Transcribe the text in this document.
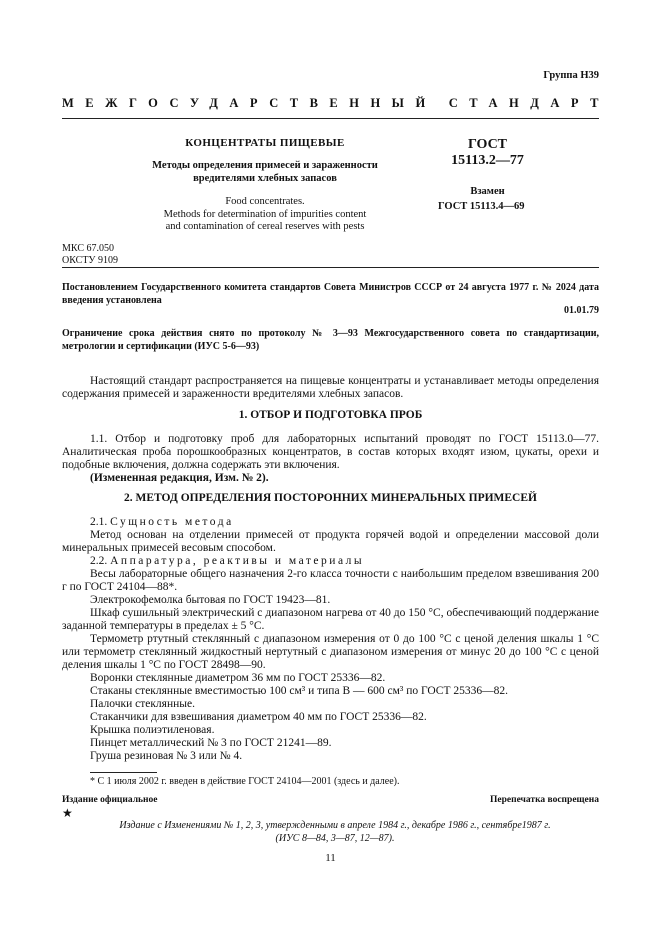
Группа Н39
МЕЖГОСУДАРСТВЕННЫЙ СТАНДАРТ
КОНЦЕНТРАТЫ ПИЩЕВЫЕ
Методы определения примесей и зараженности
вредителями хлебных запасов
Food concentrates.
Methods for determination of impurities content
and contamination of cereal reserves with pests
ГОСТ
15113.2—77
Взамен
ГОСТ 15113.4—69
МКС 67.050
ОКСТУ 9109
Постановлением Государственного комитета стандартов Совета Министров СССР от 24 августа 1977 г. № 2024 дата введения установлена
01.01.79
Ограничение срока действия снято по протоколу № 3—93 Межгосударственного совета по стандартизации, метрологии и сертификации (ИУС 5-6—93)
Настоящий стандарт распространяется на пищевые концентраты и устанавливает методы определения содержания примесей и зараженности вредителями хлебных запасов.
1. ОТБОР И ПОДГОТОВКА ПРОБ
1.1. Отбор и подготовку проб для лабораторных испытаний проводят по ГОСТ 15113.0—77. Аналитическая проба порошкообразных концентратов, в состав которых входят изюм, цукаты, орехи и подобные включения, должна содержать эти включения.
(Измененная редакция, Изм. № 2).
2. МЕТОД ОПРЕДЕЛЕНИЯ ПОСТОРОННИХ МИНЕРАЛЬНЫХ ПРИМЕСЕЙ
2.1. Сущность метода
Метод основан на отделении примесей от продукта горячей водой и определении массовой доли минеральных примесей весовым способом.
2.2. Аппаратура, реактивы и материалы
Весы лабораторные общего назначения 2-го класса точности с наибольшим пределом взвешивания 200 г по ГОСТ 24104—88*.
Электрокофемолка бытовая по ГОСТ 19423—81.
Шкаф сушильный электрический с диапазоном нагрева от 40 до 150 °С, обеспечивающий поддержание заданной температуры в пределах ± 5 °С.
Термометр ртутный стеклянный с диапазоном измерения от 0 до 100 °С с ценой деления шкалы 1 °С или термометр стеклянный жидкостный нертутный с диапазоном измерения от минус 20 до 100 °С с ценой деления шкалы 1 °С по ГОСТ 28498—90.
Воронки стеклянные диаметром 36 мм по ГОСТ 25336—82.
Стаканы стеклянные вместимостью 100 см³ и типа В — 600 см³ по ГОСТ 25336—82.
Палочки стеклянные.
Стаканчики для взвешивания диаметром 40 мм по ГОСТ 25336—82.
Крышка полиэтиленовая.
Пинцет металлический № 3 по ГОСТ 21241—89.
Груша резиновая № 3 или № 4.
* С 1 июля 2002 г. введен в действие ГОСТ 24104—2001 (здесь и далее).
Издание официальное	Перепечатка воспрещена
★
Издание с Изменениями № 1, 2, 3, утвержденными в апреле 1984 г., декабре 1986 г., сентябре1987 г.
(ИУС 8—84, 3—87, 12—87).
11
